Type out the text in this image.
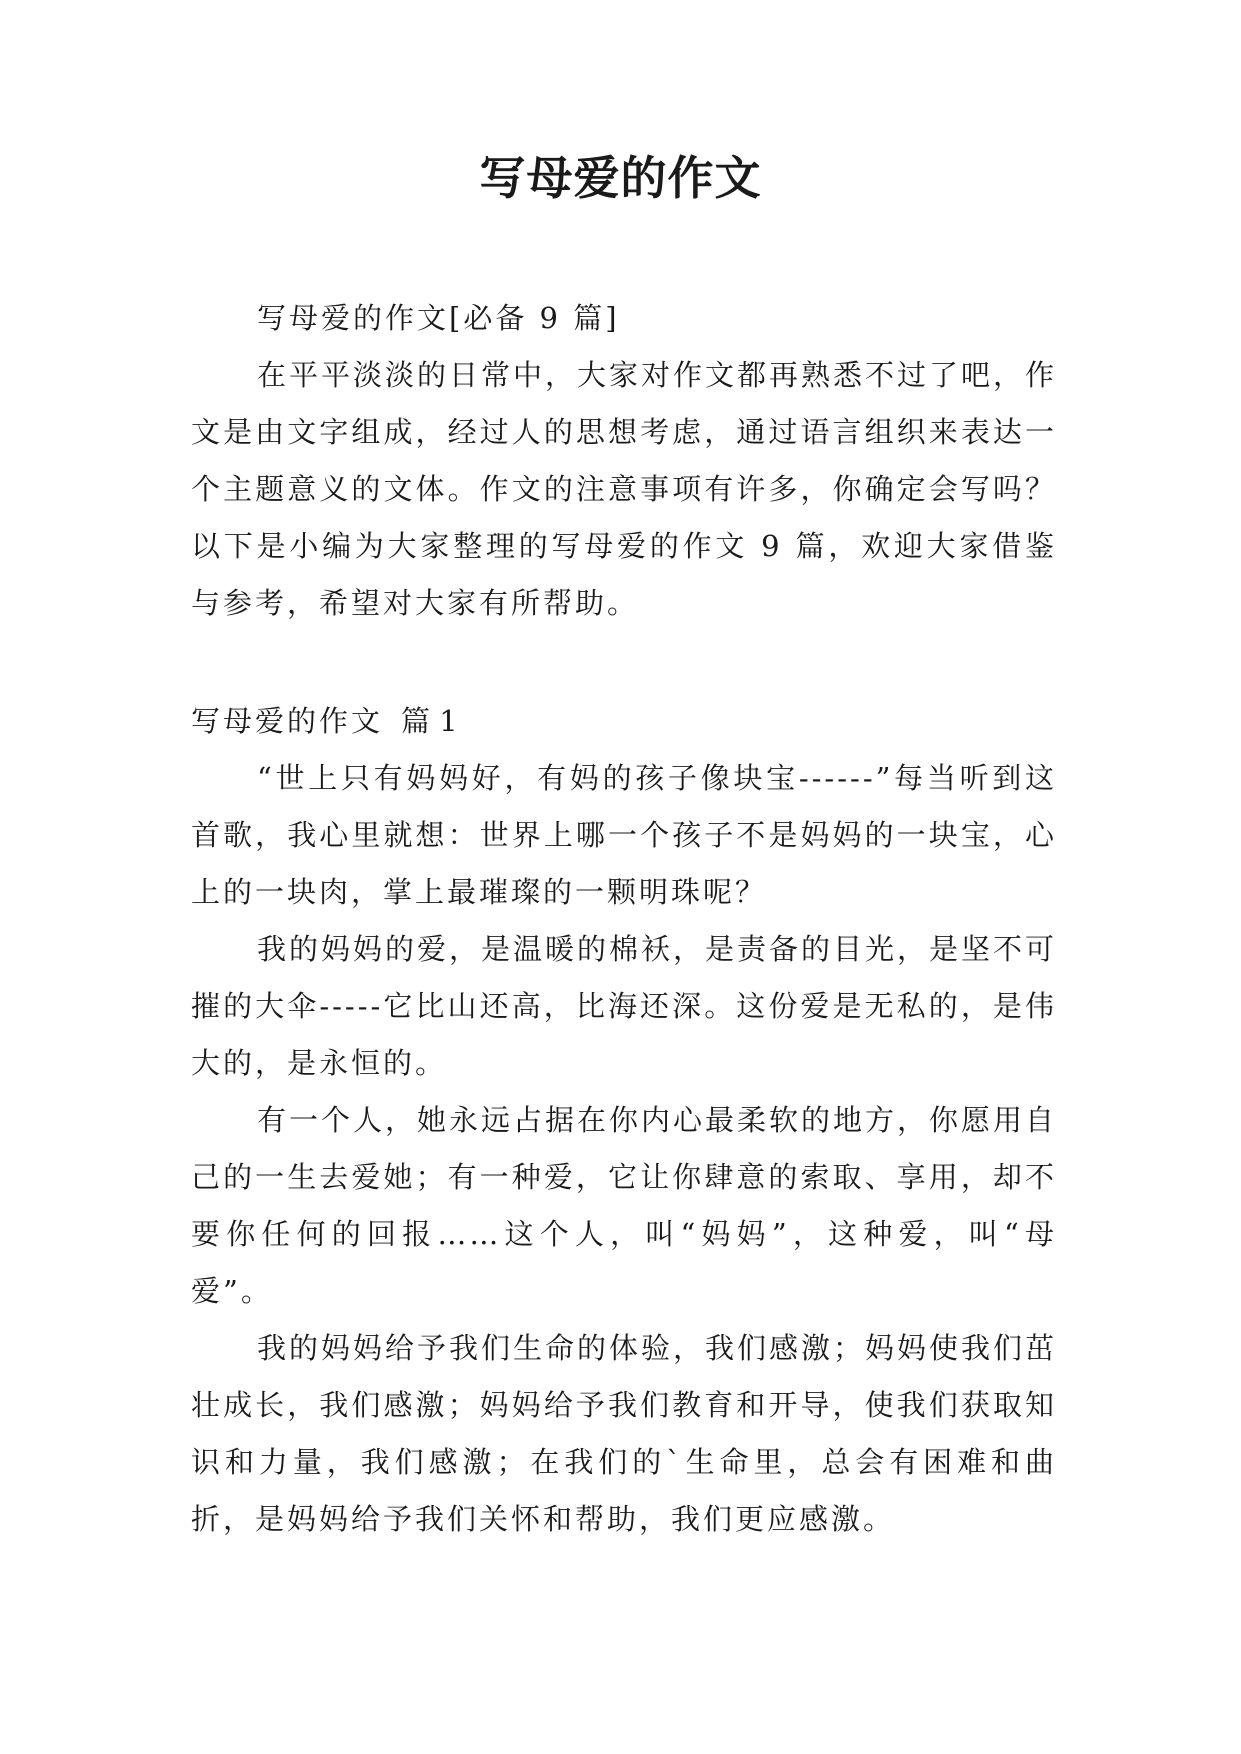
写母爱的作文

写母爱的作文[必备 9 篇]

在平平淡淡的日常中，大家对作文都再熟悉不过了吧，作文是由文字组成，经过人的思想考虑，通过语言组织来表达一个主题意义的文体。作文的注意事项有许多，你确定会写吗？以下是小编为大家整理的写母爱的作文 9 篇，欢迎大家借鉴与参考，希望对大家有所帮助。

写母爱的作文 篇 1

“世上只有妈妈好，有妈的孩子像块宝------”每当听到这首歌，我心里就想：世界上哪一个孩子不是妈妈的一块宝，心上的一块肉，掌上最璀璨的一颗明珠呢？

我的妈妈的爱，是温暖的棉袄，是责备的目光，是坚不可摧的大伞-----它比山还高，比海还深。这份爱是无私的，是伟大的，是永恒的。

有一个人，她永远占据在你内心最柔软的地方，你愿用自己的一生去爱她；有一种爱，它让你肆意的索取、享用，却不要你任何的回报……这个人，叫“妈妈”，这种爱，叫“母爱”。

我的妈妈给予我们生命的体验，我们感激；妈妈使我们茁壮成长，我们感激；妈妈给予我们教育和开导，使我们获取知识和力量，我们感激；在我们的`生命里，总会有困难和曲折，是妈妈给予我们关怀和帮助，我们更应感激。
